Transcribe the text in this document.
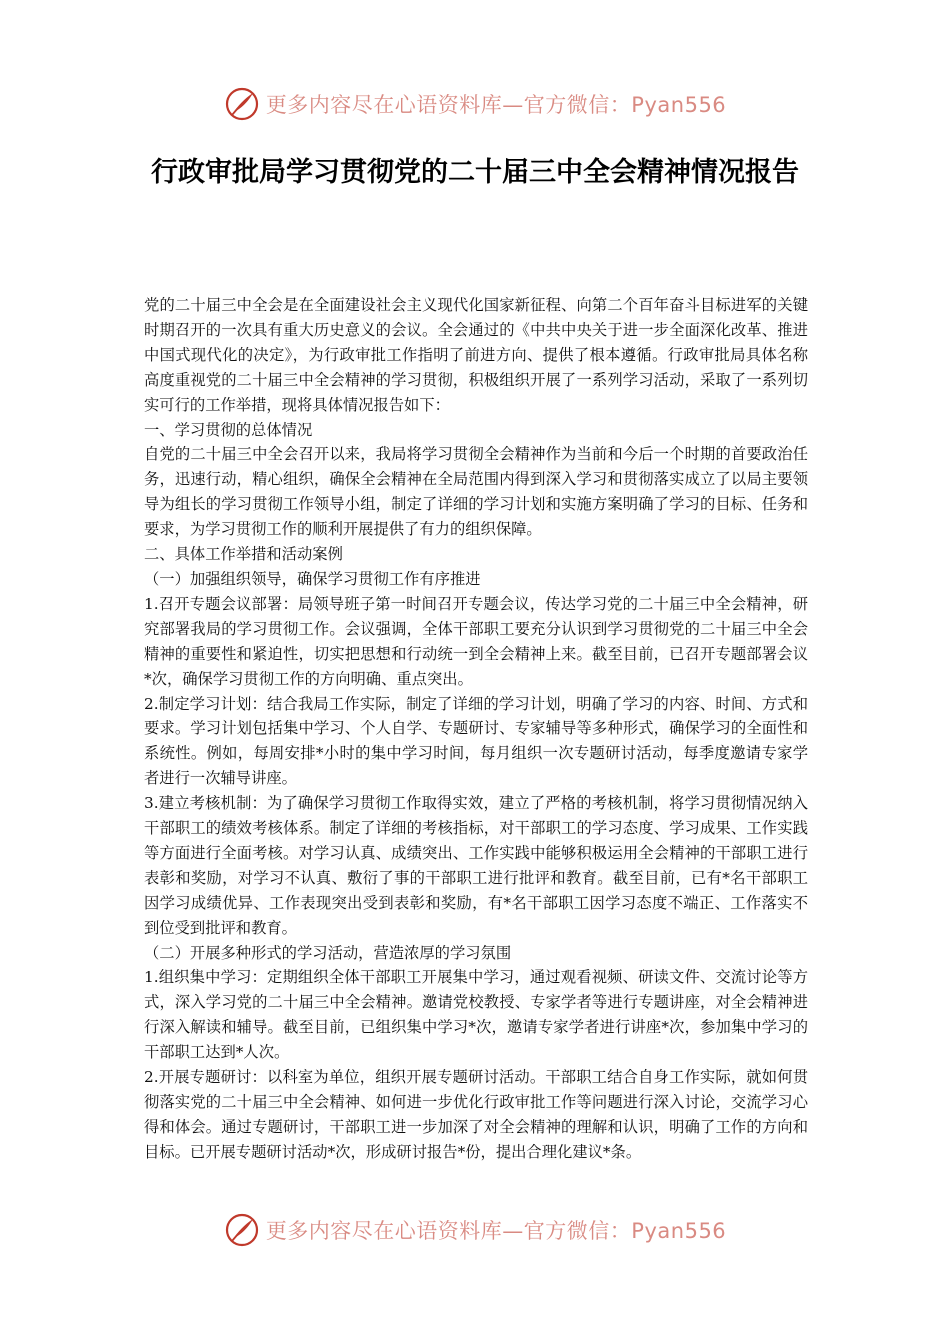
更多内容尽在心语资料库—官方微信：Pyan556
行政审批局学习贯彻党的二十届三中全会精神情况报告

党的二十届三中全会是在全面建设社会主义现代化国家新征程、向第二个百年奋斗目标进军的关键时期召开的一次具有重大历史意义的会议。全会通过的《中共中央关于进一步全面深化改革、推进中国式现代化的决定》，为行政审批工作指明了前进方向、提供了根本遵循。行政审批局具体名称高度重视党的二十届三中全会精神的学习贯彻，积极组织开展了一系列学习活动，采取了一系列切实可行的工作举措，现将具体情况报告如下：

一、学习贯彻的总体情况

自党的二十届三中全会召开以来，我局将学习贯彻全会精神作为当前和今后一个时期的首要政治任务，迅速行动，精心组织，确保全会精神在全局范围内得到深入学习和贯彻落实成立了以局主要领导为组长的学习贯彻工作领导小组，制定了详细的学习计划和实施方案明确了学习的目标、任务和要求，为学习贯彻工作的顺利开展提供了有力的组织保障。

二、具体工作举措和活动案例

（一）加强组织领导，确保学习贯彻工作有序推进

1.召开专题会议部署：局领导班子第一时间召开专题会议，传达学习党的二十届三中全会精神，研究部署我局的学习贯彻工作。会议强调，全体干部职工要充分认识到学习贯彻党的二十届三中全会精神的重要性和紧迫性，切实把思想和行动统一到全会精神上来。截至目前，已召开专题部署会议*次，确保学习贯彻工作的方向明确、重点突出。

2.制定学习计划：结合我局工作实际，制定了详细的学习计划，明确了学习的内容、时间、方式和要求。学习计划包括集中学习、个人自学、专题研讨、专家辅导等多种形式，确保学习的全面性和系统性。例如，每周安排*小时的集中学习时间，每月组织一次专题研讨活动，每季度邀请专家学者进行一次辅导讲座。

3.建立考核机制：为了确保学习贯彻工作取得实效，建立了严格的考核机制，将学习贯彻情况纳入干部职工的绩效考核体系。制定了详细的考核指标，对干部职工的学习态度、学习成果、工作实践等方面进行全面考核。对学习认真、成绩突出、工作实践中能够积极运用全会精神的干部职工进行表彰和奖励，对学习不认真、敷衍了事的干部职工进行批评和教育。截至目前，已有*名干部职工因学习成绩优异、工作表现突出受到表彰和奖励，有*名干部职工因学习态度不端正、工作落实不到位受到批评和教育。

（二）开展多种形式的学习活动，营造浓厚的学习氛围

1.组织集中学习：定期组织全体干部职工开展集中学习，通过观看视频、研读文件、交流讨论等方式，深入学习党的二十届三中全会精神。邀请党校教授、专家学者等进行专题讲座，对全会精神进行深入解读和辅导。截至目前，已组织集中学习*次，邀请专家学者进行讲座*次，参加集中学习的干部职工达到*人次。

2.开展专题研讨：以科室为单位，组织开展专题研讨活动。干部职工结合自身工作实际，就如何贯彻落实党的二十届三中全会精神、如何进一步优化行政审批工作等问题进行深入讨论，交流学习心得和体会。通过专题研讨，干部职工进一步加深了对全会精神的理解和认识，明确了工作的方向和目标。已开展专题研讨活动*次，形成研讨报告*份，提出合理化建议*条。

更多内容尽在心语资料库—官方微信：Pyan556
